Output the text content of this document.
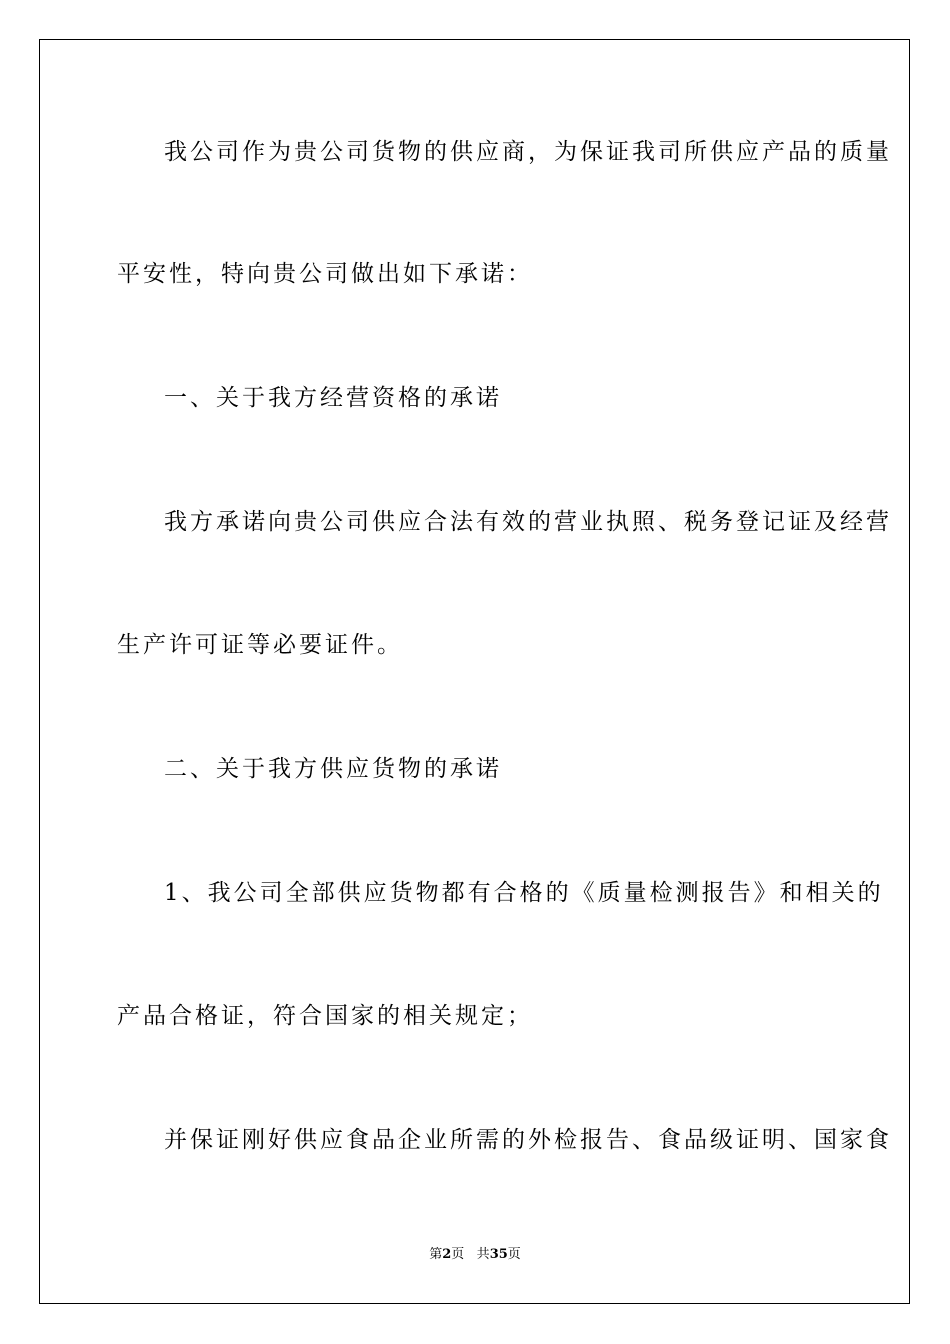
我公司作为贵公司货物的供应商，为保证我司所供应产品的质量
平安性，特向贵公司做出如下承诺：
一、关于我方经营资格的承诺
我方承诺向贵公司供应合法有效的营业执照、税务登记证及经营
生产许可证等必要证件。
二、关于我方供应货物的承诺
1、我公司全部供应货物都有合格的《质量检测报告》和相关的
产品合格证，符合国家的相关规定；
并保证刚好供应食品企业所需的外检报告、食品级证明、国家食
第2页 共35页
